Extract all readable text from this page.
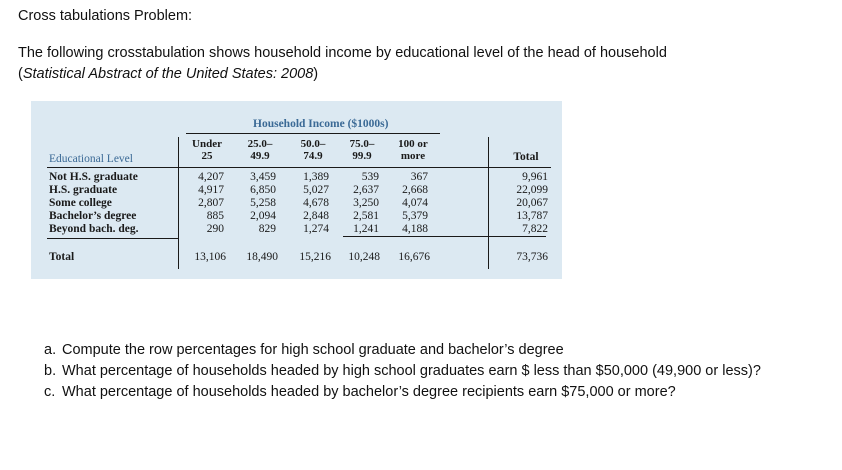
Cross tabulations Problem:
The following crosstabulation shows household income by educational level of the head of household
(Statistical Abstract of the United States: 2008)
Household Income ($1000s)
Educational Level
Under
25
25.0–
49.9
50.0–
74.9
75.0–
99.9
100 or
more	Total
Not H.S. graduate
H.S. graduate
Some college
Bachelor’s degree
Beyond bach. deg.
Total
4,207
4,917
2,807
885
290
13,106
3,459
6,850
5,258
2,094
829
18,490
1,389
5,027
4,678
2,848
1,274
15,216
539
2,637
3,250
2,581
1,241
10,248
367
2,668
4,074
5,379
4,188
16,676
9,961
22,099
20,067
13,787
7,822
73,736
a. Compute the row percentages for high school graduate and bachelor’s degree
b. What percentage of households headed by high school graduates earn $ less than $50,000 (49,900 or less)?
c. What percentage of households headed by bachelor’s degree recipients earn $75,000 or more?
